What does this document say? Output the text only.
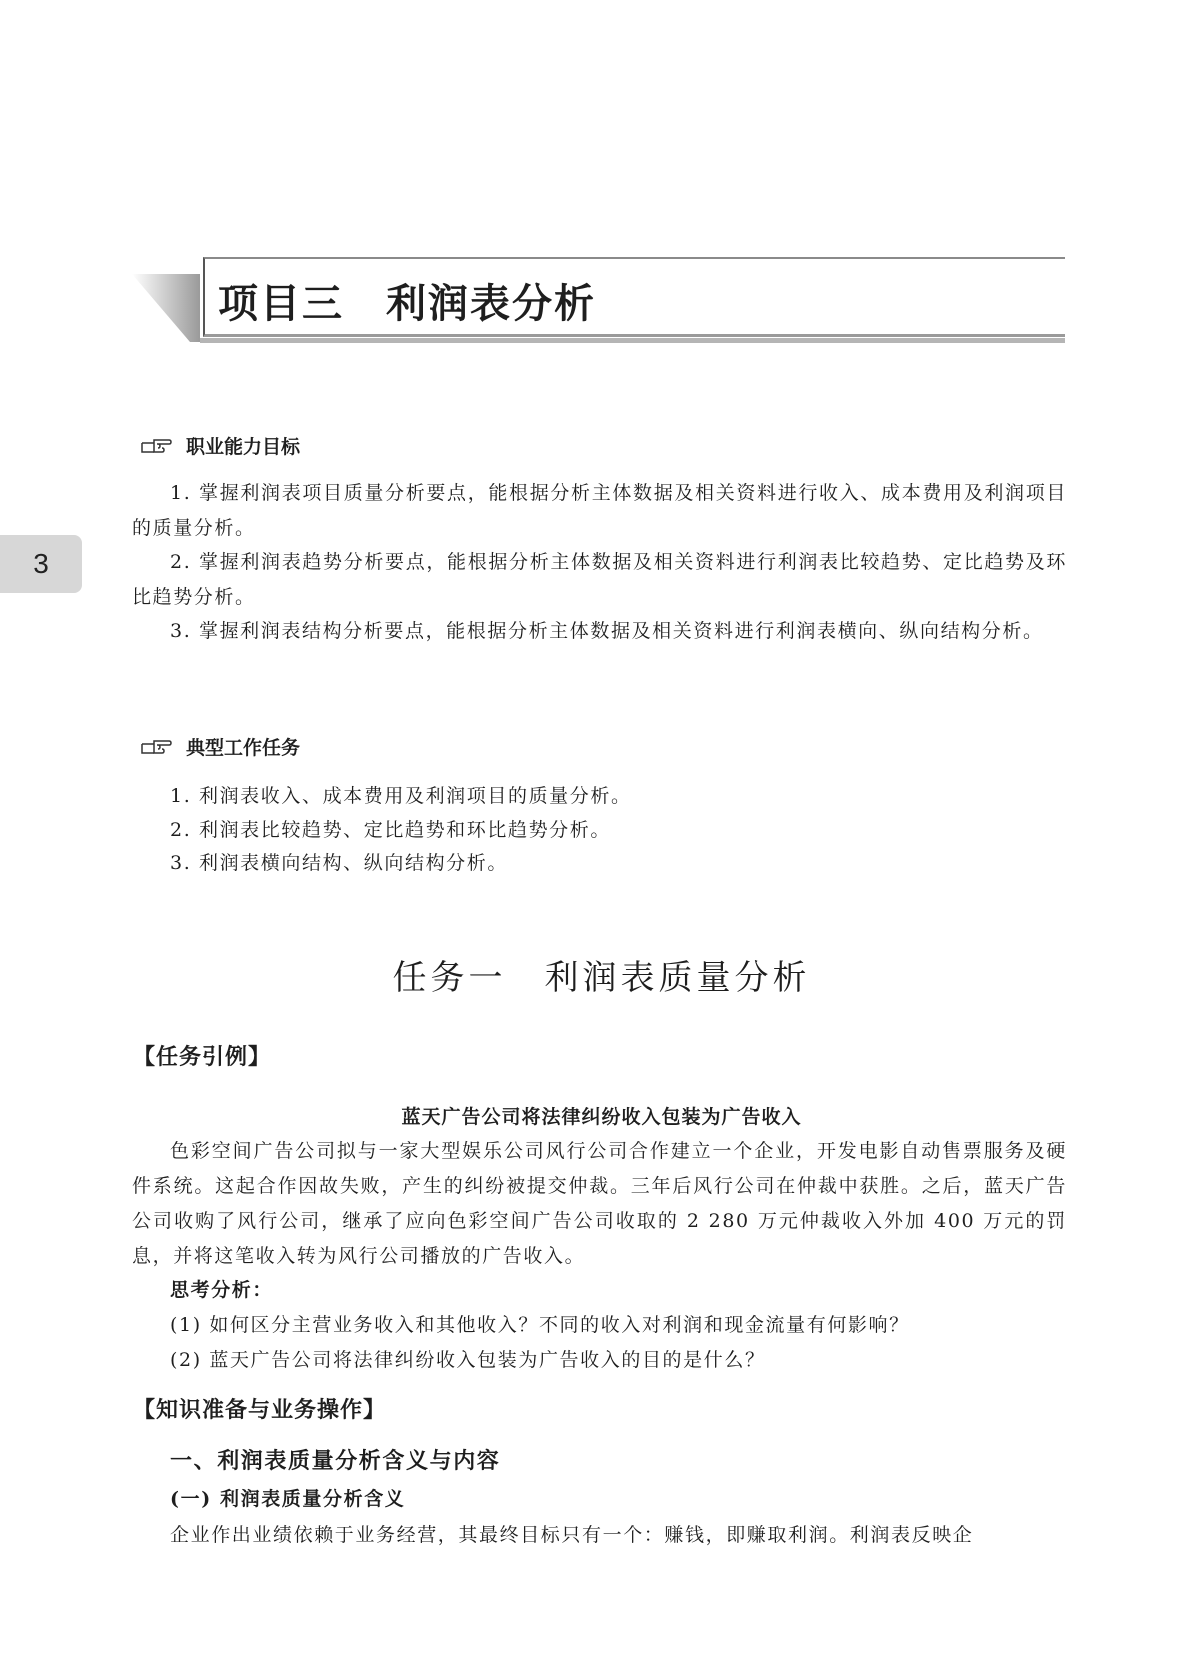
3
项目三　利润表分析
职业能力目标
1. 掌握利润表项目质量分析要点，能根据分析主体数据及相关资料进行收入、成本费用及利润项目的质量分析。
2. 掌握利润表趋势分析要点，能根据分析主体数据及相关资料进行利润表比较趋势、定比趋势及环比趋势分析。
3. 掌握利润表结构分析要点，能根据分析主体数据及相关资料进行利润表横向、纵向结构分析。
典型工作任务
1. 利润表收入、成本费用及利润项目的质量分析。
2. 利润表比较趋势、定比趋势和环比趋势分析。
3. 利润表横向结构、纵向结构分析。
任务一　利润表质量分析
【任务引例】
蓝天广告公司将法律纠纷收入包装为广告收入
色彩空间广告公司拟与一家大型娱乐公司风行公司合作建立一个企业，开发电影自动售票服务及硬件系统。这起合作因故失败，产生的纠纷被提交仲裁。三年后风行公司在仲裁中获胜。之后，蓝天广告公司收购了风行公司，继承了应向色彩空间广告公司收取的 2 280 万元仲裁收入外加 400 万元的罚息，并将这笔收入转为风行公司播放的广告收入。
思考分析：
(1) 如何区分主营业务收入和其他收入？不同的收入对利润和现金流量有何影响？
(2) 蓝天广告公司将法律纠纷收入包装为广告收入的目的是什么？
【知识准备与业务操作】
一、利润表质量分析含义与内容
(一) 利润表质量分析含义
企业作出业绩依赖于业务经营，其最终目标只有一个：赚钱，即赚取利润。利润表反映企
